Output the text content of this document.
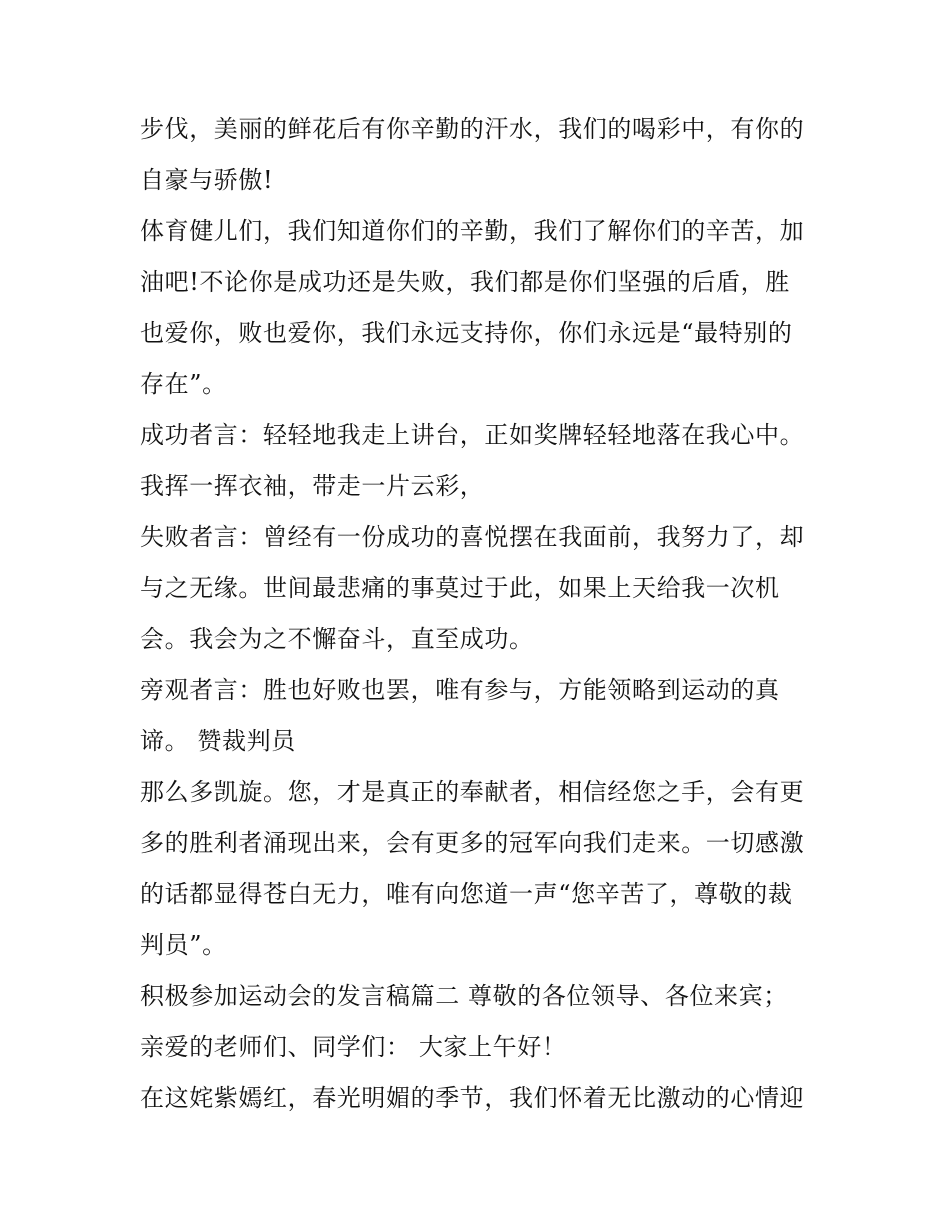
步伐，美丽的鲜花后有你辛勤的汗水，我们的喝彩中，有你的
自豪与骄傲!
体育健儿们，我们知道你们的辛勤，我们了解你们的辛苦，加
油吧!不论你是成功还是失败，我们都是你们坚强的后盾，胜
也爱你，败也爱你，我们永远支持你，你们永远是“最特别的
存在”。
成功者言：轻轻地我走上讲台，正如奖牌轻轻地落在我心中。
我挥一挥衣袖，带走一片云彩，
失败者言：曾经有一份成功的喜悦摆在我面前，我努力了，却
与之无缘。世间最悲痛的事莫过于此，如果上天给我一次机
会。我会为之不懈奋斗，直至成功。
旁观者言：胜也好败也罢，唯有参与，方能领略到运动的真
谛。 赞裁判员
那么多凯旋。您，才是真正的奉献者，相信经您之手，会有更
多的胜利者涌现出来，会有更多的冠军向我们走来。一切感激
的话都显得苍白无力，唯有向您道一声“您辛苦了，尊敬的裁
判员”。
积极参加运动会的发言稿篇二 尊敬的各位领导、各位来宾；
亲爱的老师们、同学们： 大家上午好！
在这姹紫嫣红，春光明媚的季节，我们怀着无比激动的心情迎
